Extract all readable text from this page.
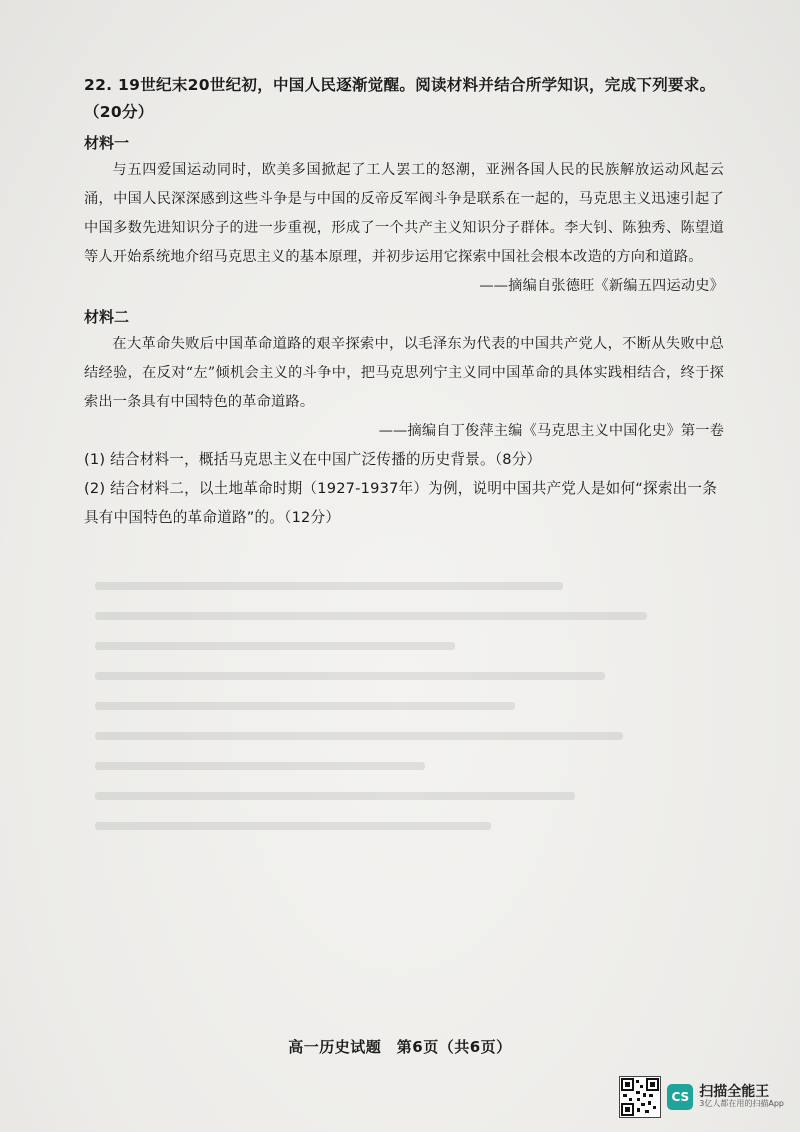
22. 19世纪末20世纪初，中国人民逐渐觉醒。阅读材料并结合所学知识，完成下列要求。（20分）
材料一
与五四爱国运动同时，欧美多国掀起了工人罢工的怒潮，亚洲各国人民的民族解放运动风起云涌，中国人民深深感到这些斗争是与中国的反帝反军阀斗争是联系在一起的，马克思主义迅速引起了中国多数先进知识分子的进一步重视，形成了一个共产主义知识分子群体。李大钊、陈独秀、陈望道等人开始系统地介绍马克思主义的基本原理，并初步运用它探索中国社会根本改造的方向和道路。
——摘编自张德旺《新编五四运动史》
材料二
在大革命失败后中国革命道路的艰辛探索中，以毛泽东为代表的中国共产党人，不断从失败中总结经验，在反对“左”倾机会主义的斗争中，把马克思列宁主义同中国革命的具体实践相结合，终于探索出一条具有中国特色的革命道路。
——摘编自丁俊萍主编《马克思主义中国化史》第一卷
(1) 结合材料一，概括马克思主义在中国广泛传播的历史背景。（8分）
(2) 结合材料二，以土地革命时期（1927-1937年）为例，说明中国共产党人是如何“探索出一条具有中国特色的革命道路”的。（12分）
高一历史试题　第6页（共6页）
CS 扫描全能王
3亿人都在用的扫描App
